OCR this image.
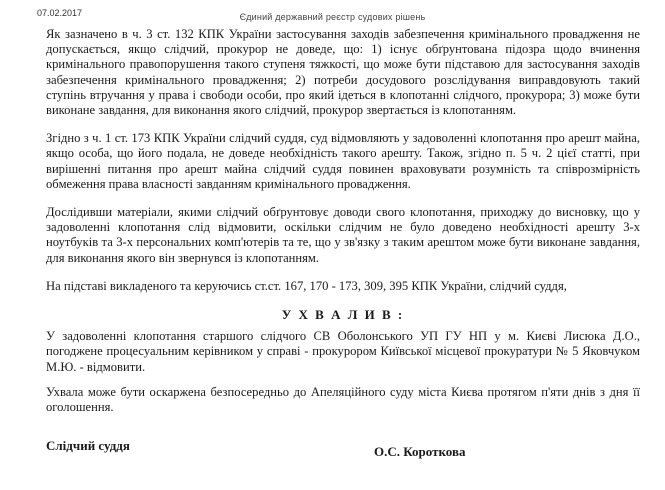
07.02.2017	Єдиний державний реєстр судових рішень

Як зазначено в ч. 3 ст. 132 КПК України застосування заходів забезпечення кримінального провадження не допускається, якщо слідчий, прокурор не доведе, що: 1) існує обґрунтована підозра щодо вчинення кримінального правопорушення такого ступеня тяжкості, що може бути підставою для застосування заходів забезпечення кримінального провадження; 2) потреби досудового розслідування виправдовують такий ступінь втручання у права і свободи особи, про який ідеться в клопотанні слідчого, прокурора; 3) може бути виконане завдання, для виконання якого слідчий, прокурор звертається із клопотанням.

Згідно з ч. 1 ст. 173 КПК України слідчий суддя, суд відмовляють у задоволенні клопотання про арешт майна, якщо особа, що його подала, не доведе необхідність такого арешту. Також, згідно п. 5 ч. 2 цієї статті, при вирішенні питання про арешт майна слідчий суддя повинен враховувати розумність та співрозмірність обмеження права власності завданням кримінального провадження.

Дослідивши матеріали, якими слідчий обґрунтовує доводи свого клопотання, приходжу до висновку, що у задоволенні клопотання слід відмовити, оскільки слідчим не було доведено необхідності арешту 3-х ноутбуків та 3-х персональних комп'ютерів та те, що у зв'язку з таким арештом може бути виконане завдання, для виконання якого він звернувся із клопотанням.

На підставі викладеного та керуючись ст.ст. 167, 170 - 173, 309, 395 КПК України, слідчий суддя,

У Х В А Л И В :

У задоволенні клопотання старшого слідчого СВ Оболонського УП ГУ НП у м. Києві Лисюка Д.О., погоджене процесуальним керівником у справі - прокурором Київської місцевої прокуратури № 5 Яковчуком М.Ю. - відмовити.

Ухвала може бути оскаржена безпосередньо до Апеляційного суду міста Києва протягом п'яти днів з дня її оголошення.

Слідчий суддя	О.С. Короткова
